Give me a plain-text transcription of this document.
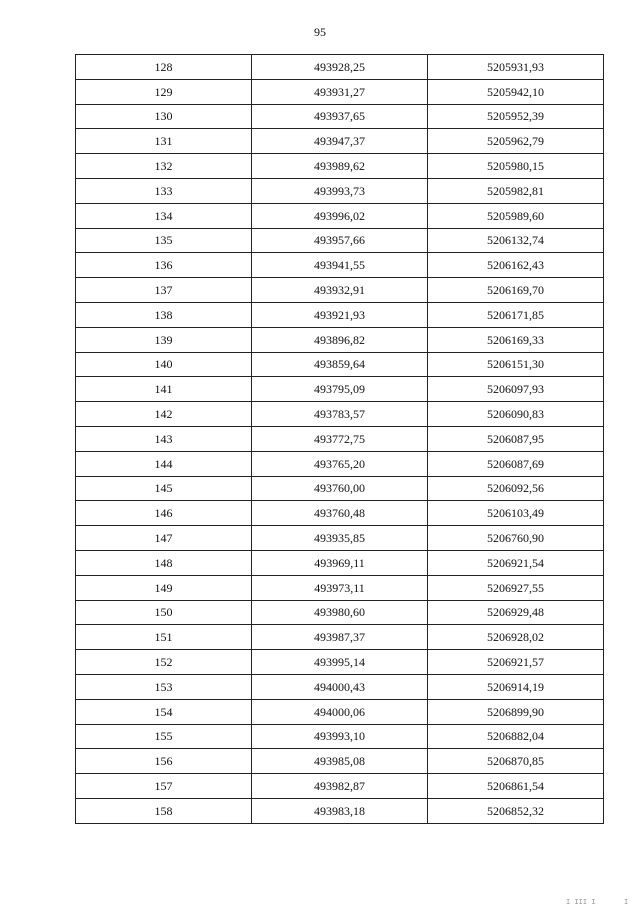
95
128	493928,25	5205931,93
129	493931,27	5205942,10
130	493937,65	5205952,39
131	493947,37	5205962,79
132	493989,62	5205980,15
133	493993,73	5205982,81
134	493996,02	5205989,60
135	493957,66	5206132,74
136	493941,55	5206162,43
137	493932,91	5206169,70
138	493921,93	5206171,85
139	493896,82	5206169,33
140	493859,64	5206151,30
141	493795,09	5206097,93
142	493783,57	5206090,83
143	493772,75	5206087,95
144	493765,20	5206087,69
145	493760,00	5206092,56
146	493760,48	5206103,49
147	493935,85	5206760,90
148	493969,11	5206921,54
149	493973,11	5206927,55
150	493980,60	5206929,48
151	493987,37	5206928,02
152	493995,14	5206921,57
153	494000,43	5206914,19
154	494000,06	5206899,90
155	493993,10	5206882,04
156	493985,08	5206870,85
157	493982,87	5206861,54
158	493983,18	5206852,32
I III I	I
